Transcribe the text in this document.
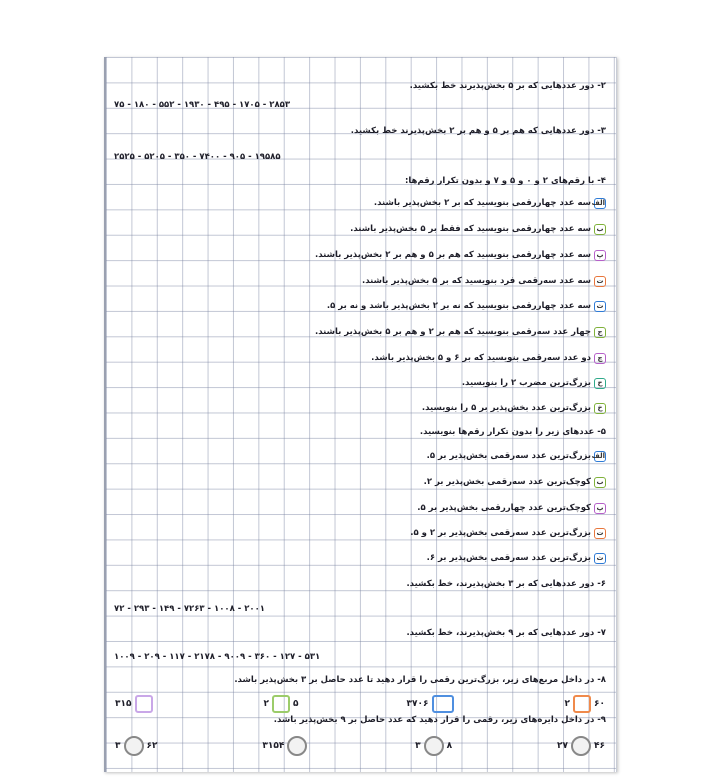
۲- دور عددهایی که بر ۵ بخش‌پذیرند خط بکشید.
۷۵ - ۱۸۰ - ۵۵۲ - ۱۹۳۰ - ۴۹۵ - ۱۷۰۵ - ۲۸۵۳
۳- دور عددهایی که هم بر ۵ و هم بر ۲ بخش‌پذیرند خط بکشید.
۲۵۲۵ - ۵۲۰۵ - ۳۵۰ - ۷۴۰۰ - ۹۰۵ - ۱۹۵۸۵
۴- با رقم‌های ۲ و ۰ و ۵ و ۷ و بدون تکرار رقم‌ها:
الفسه عدد چهاررقمی بنویسید که بر ۲ بخش‌پذیر باشند.
بسه عدد چهاررقمی بنویسید که فقط بر ۵ بخش‌پذیر باشند.
پسه عدد چهاررقمی بنویسید که هم بر ۵ و هم بر ۲ بخش‌پذیر باشند.
تسه عدد سه‌رقمی فرد بنویسید که بر ۵ بخش‌پذیر باشند.
ثسه عدد چهاررقمی بنویسید که نه بر ۲ بخش‌پذیر باشد و نه بر ۵.
جچهار عدد سه‌رقمی بنویسید که هم بر ۲ و هم بر ۵ بخش‌پذیر باشند.
چدو عدد سه‌رقمی بنویسید که بر ۶ و ۵ بخش‌پذیر باشد.
حبزرگ‌ترین مضرب ۲ را بنویسید.
خبزرگ‌ترین عدد بخش‌پذیر بر ۵ را بنویسید.
۵- عددهای زیر را بدون تکرار رقم‌ها بنویسید.
الفبزرگ‌ترین عدد سه‌رقمی بخش‌پذیر بر ۵.
بکوچک‌ترین عدد سه‌رقمی بخش‌پذیر بر ۲.
پکوچک‌ترین عدد چهاررقمی بخش‌پذیر بر ۵.
تبزرگ‌ترین عدد سه‌رقمی بخش‌پذیر بر ۲ و ۵.
ثبزرگ‌ترین عدد سه‌رقمی بخش‌پذیر بر ۶.
۶- دور عددهایی که بر ۳ بخش‌پذیرند، خط بکشید.
۷۲ - ۲۹۳ - ۱۴۹ - ۷۲۶۳ - ۱۰۰۸ - ۲۰۰۱
۷- دور عددهایی که بر ۹ بخش‌پذیرند، خط بکشید.
۱۰۰۹ - ۲۰۹ - ۱۱۷ - ۲۱۷۸ - ۹۰۰۹ - ۳۶۰ - ۱۲۷ - ۵۳۱
۸- در داخل مربع‌های زیر، بزرگ‌ترین رقمی را قرار دهید تا عدد حاصل بر ۳ بخش‌پذیر باشد.
۶۰
۲
۳۷۰۶
۵
۲
۳۱۵
۹- در داخل دایره‌های زیر، رقمی را قرار دهید که عدد حاصل بر ۹ بخش‌پذیر باشد.
۴۶
۲۷
۸
۳
۳۱۵۴
۶۲
۳
